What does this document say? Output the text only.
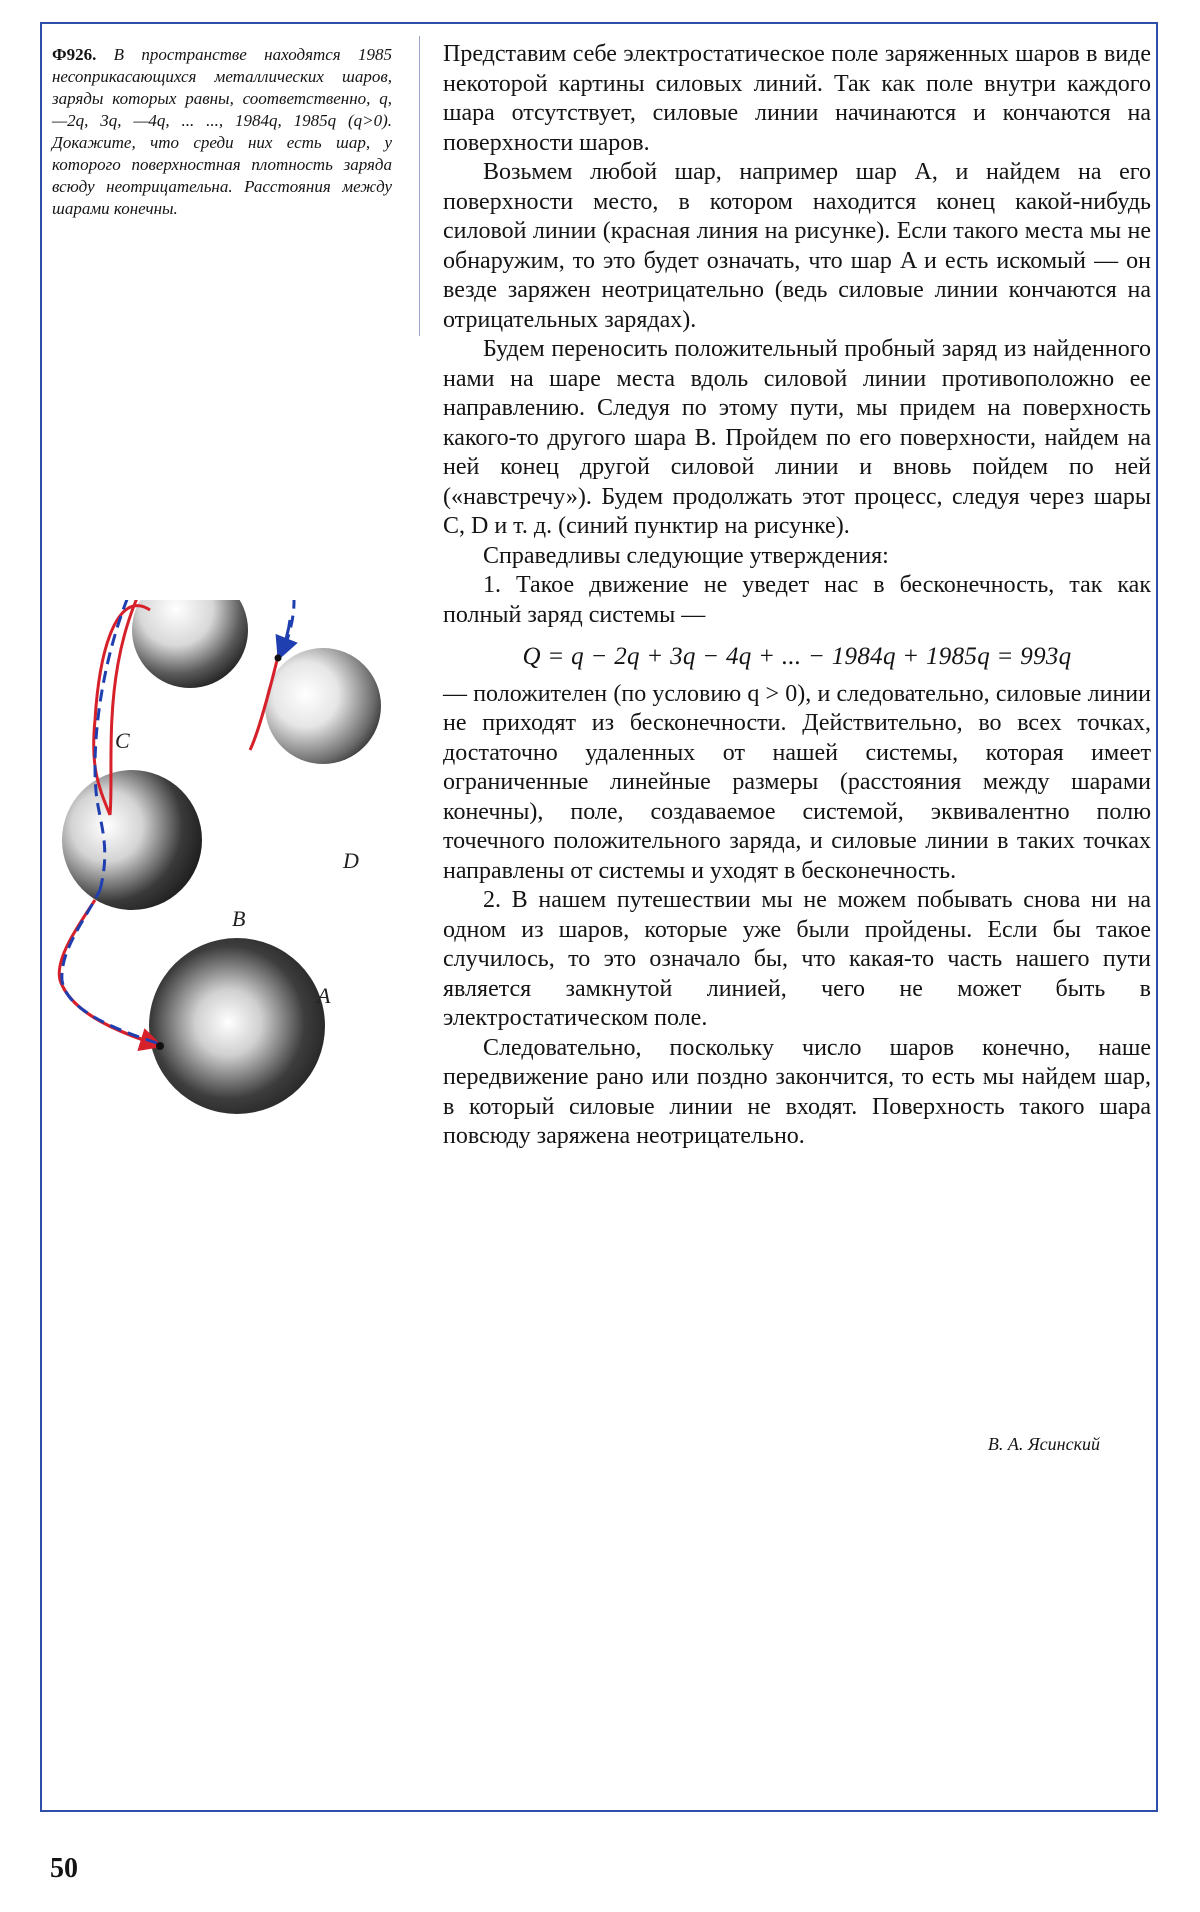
Ф926. В пространстве находятся 1985 несоприкасающихся металлических шаров, заряды которых равны, соответственно, q, —2q, 3q, —4q, ... ..., 1984q, 1985q (q>0). Докажите, что среди них есть шар, у которого поверхностная плотность заряда всюду неотрицательна. Расстояния между шарами конечны.
C
D
B
A

Представим себе электростатическое поле заряженных шаров в виде некоторой картины силовых линий. Так как поле внутри каждого шара отсутствует, силовые линии начинаются и кончаются на поверхности шаров.

Возьмем любой шар, например шар A, и найдем на его поверхности место, в котором находится конец какой-нибудь силовой линии (красная линия на рисунке). Если такого места мы не обнаружим, то это будет означать, что шар A и есть искомый — он везде заряжен неотрицательно (ведь силовые линии кончаются на отрицательных зарядах).

Будем переносить положительный пробный заряд из найденного нами на шаре места вдоль силовой линии противоположно ее направлению. Следуя по этому пути, мы придем на поверхность какого-то другого шара B. Пройдем по его поверхности, найдем на ней конец другой силовой линии и вновь пойдем по ней («навстречу»). Будем продолжать этот процесс, следуя через шары C, D и т. д. (синий пунктир на рисунке).

Справедливы следующие утверждения:

1. Такое движение не уведет нас в бесконечность, так как полный заряд системы —

Q = q − 2q + 3q − 4q + ... − 1984q + 1985q = 993q

— положителен (по условию q > 0), и следовательно, силовые линии не приходят из бесконечности. Действительно, во всех точках, достаточно удаленных от нашей системы, которая имеет ограниченные линейные размеры (расстояния между шарами конечны), поле, создаваемое системой, эквивалентно полю точечного положительного заряда, и силовые линии в таких точках направлены от системы и уходят в бесконечность.

2. В нашем путешествии мы не можем побывать снова ни на одном из шаров, которые уже были пройдены. Если бы такое случилось, то это означало бы, что какая-то часть нашего пути является замкнутой линией, чего не может быть в электростатическом поле.

Следовательно, поскольку число шаров конечно, наше передвижение рано или поздно закончится, то есть мы найдем шар, в который силовые линии не входят. Поверхность такого шара повсюду заряжена неотрицательно.

В. А. Ясинский
50
